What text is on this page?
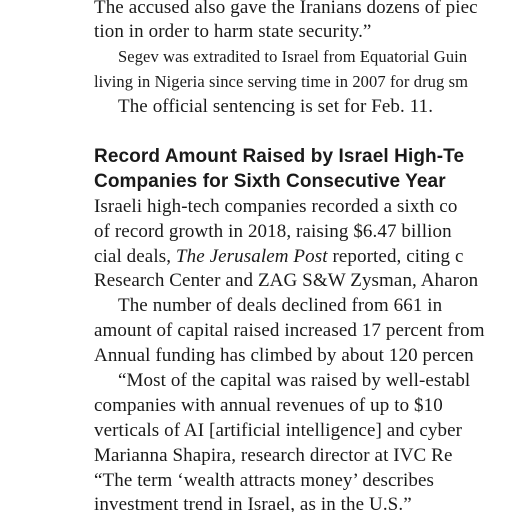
The accused also gave the Iranians dozens of piec
tion in order to harm state security.”
Segev was extradited to Israel from Equatorial Guin
living in Nigeria since serving time in 2007 for drug sm
The official sentencing is set for Feb. 11.
Record Amount Raised by Israel High-Te
Companies for Sixth Consecutive Year
Israeli high-tech companies recorded a sixth co
of record growth in 2018, raising $6.47 billion
cial deals, The Jerusalem Post reported, citing c
Research Center and ZAG S&W Zysman, Aharon
The number of deals declined from 661 in
amount of capital raised increased 17 percent from
Annual funding has climbed by about 120 percen
“Most of the capital was raised by well-establ
companies with annual revenues of up to $10
verticals of AI [artificial intelligence] and cyber
Marianna Shapira, research director at IVC Re
“The term ‘wealth attracts money’ describes
investment trend in Israel, as in the U.S.”
